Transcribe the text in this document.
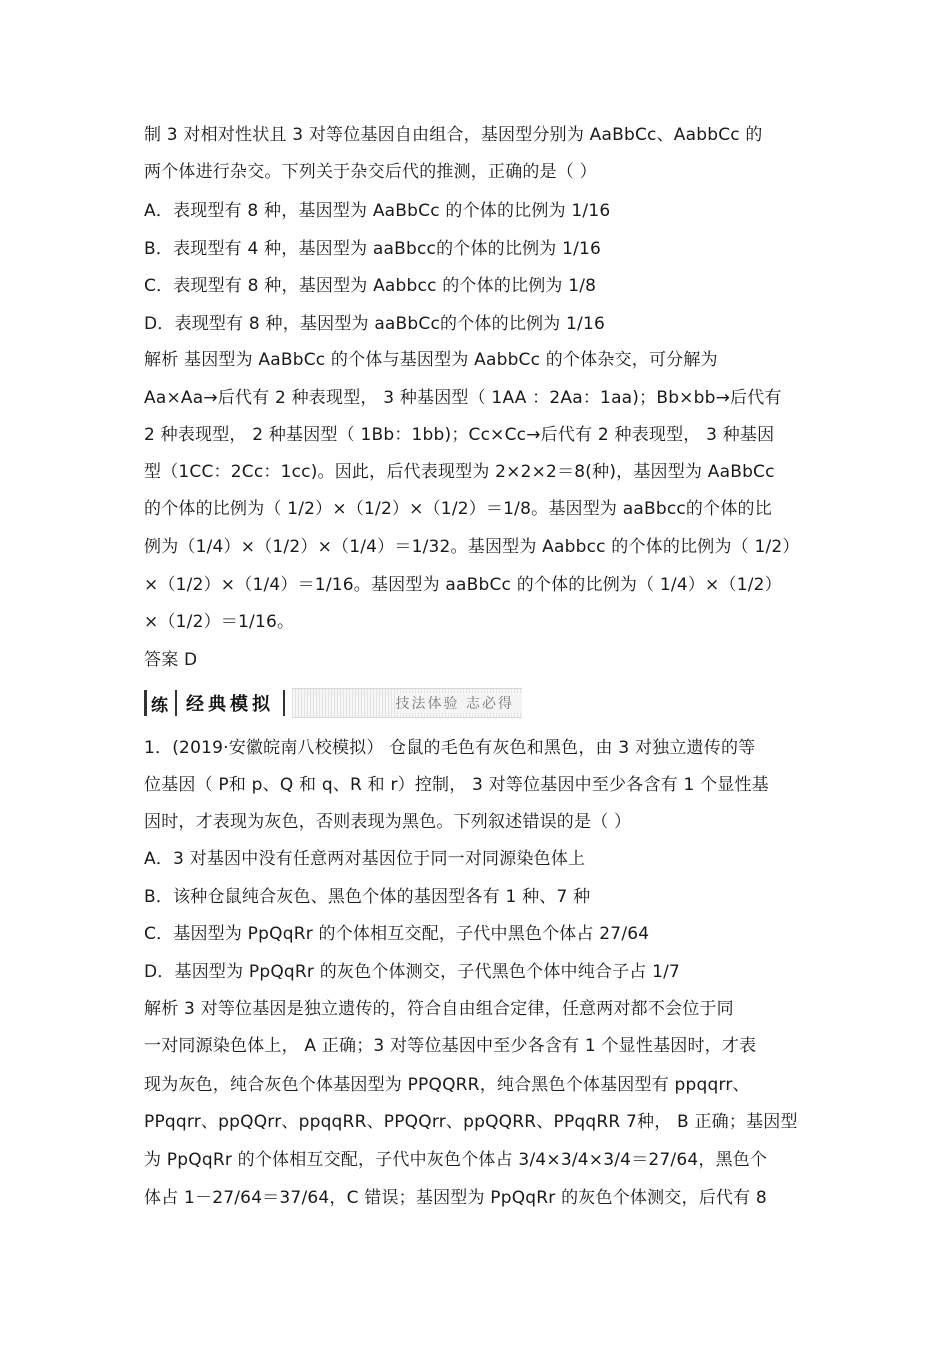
制 3 对相对性状且 3 对等位基因自由组合，基因型分别为 AaBbCc、AabbCc 的
两个体进行杂交。下列关于杂交后代的推测，正确的是（ ）
A．表现型有 8 种，基因型为 AaBbCc 的个体的比例为 1/16
B．表现型有 4 种，基因型为 aaBbcc的个体的比例为 1/16
C．表现型有 8 种，基因型为 Aabbcc 的个体的比例为 1/8
D．表现型有 8 种，基因型为 aaBbCc的个体的比例为 1/16
解析 基因型为 AaBbCc 的个体与基因型为 AabbCc 的个体杂交，可分解为
Aa×Aa→后代有 2 种表现型， 3 种基因型（ 1AA ：2Aa：1aa)；Bb×bb→后代有
2 种表现型， 2 种基因型（ 1Bb：1bb)；Cc×Cc→后代有 2 种表现型， 3 种基因
型（1CC：2Cc：1cc)。因此，后代表现型为 2×2×2＝8(种)，基因型为 AaBbCc
的个体的比例为（ 1/2）×（1/2）×（1/2）＝1/8。基因型为 aaBbcc的个体的比
例为（1/4）×（1/2）×（1/4）＝1/32。基因型为 Aabbcc 的个体的比例为（ 1/2）
×（1/2）×（1/4）＝1/16。基因型为 aaBbCc 的个体的比例为（ 1/4）×（1/2）
×（1/2）＝1/16。
答案 D
练	经典模拟	技法体验 志必得
1．(2019·安徽皖南八校模拟） 仓鼠的毛色有灰色和黑色，由 3 对独立遗传的等
位基因（ P和 p、Q 和 q、R 和 r）控制， 3 对等位基因中至少各含有 1 个显性基
因时，才表现为灰色，否则表现为黑色。下列叙述错误的是（ ）
A．3 对基因中没有任意两对基因位于同一对同源染色体上
B．该种仓鼠纯合灰色、黑色个体的基因型各有 1 种、7 种
C．基因型为 PpQqRr 的个体相互交配，子代中黑色个体占 27/64
D．基因型为 PpQqRr 的灰色个体测交，子代黑色个体中纯合子占 1/7
解析 3 对等位基因是独立遗传的，符合自由组合定律，任意两对都不会位于同
一对同源染色体上， A 正确；3 对等位基因中至少各含有 1 个显性基因时，才表
现为灰色，纯合灰色个体基因型为 PPQQRR，纯合黑色个体基因型有 ppqqrr、
PPqqrr、ppQQrr、ppqqRR、PPQQrr、ppQQRR、PPqqRR 7种， B 正确；基因型
为 PpQqRr 的个体相互交配，子代中灰色个体占 3/4×3/4×3/4＝27/64，黑色个
体占 1－27/64＝37/64，C 错误；基因型为 PpQqRr 的灰色个体测交，后代有 8
